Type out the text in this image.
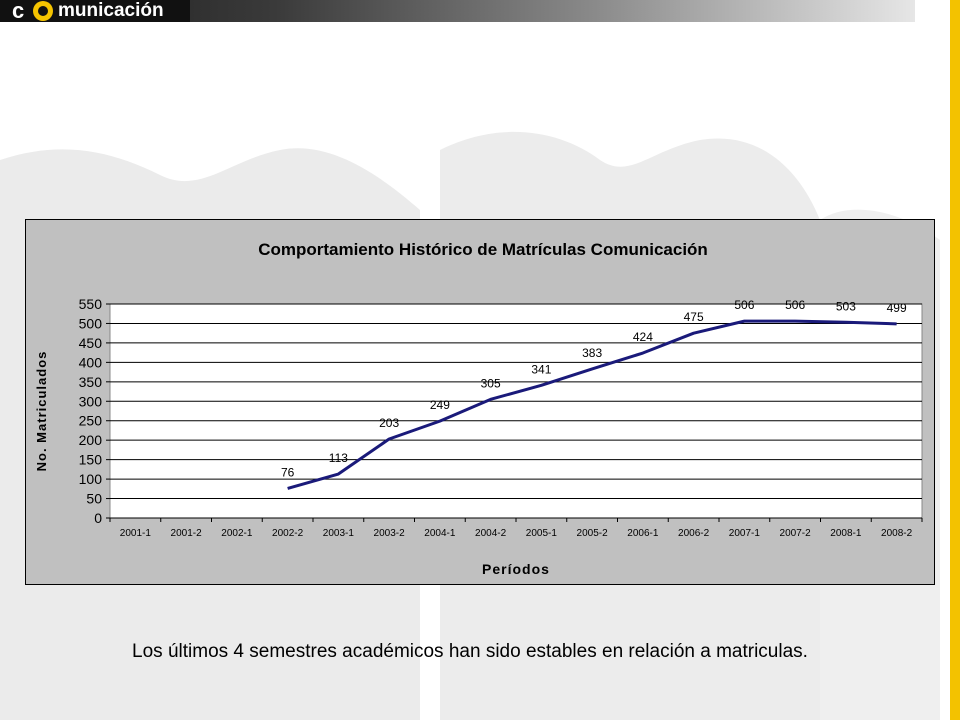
c municación
Comportamiento Histórico de Matrículas Comunicación
0
50
100
150
200
250
300
350
400
450
500
550
2001-1 2001-2 2002-1 2002-2 2003-1 2003-2 2004-1 2004-2 2005-1 2005-2 2006-1 2006-2 2007-1 2007-2 2008-1 2008-2
76
113
203
249
305
341
383
424
475
506	506	503	499
No. Matriculados
Períodos
Los últimos 4 semestres académicos han sido estables en relación a matriculas.
